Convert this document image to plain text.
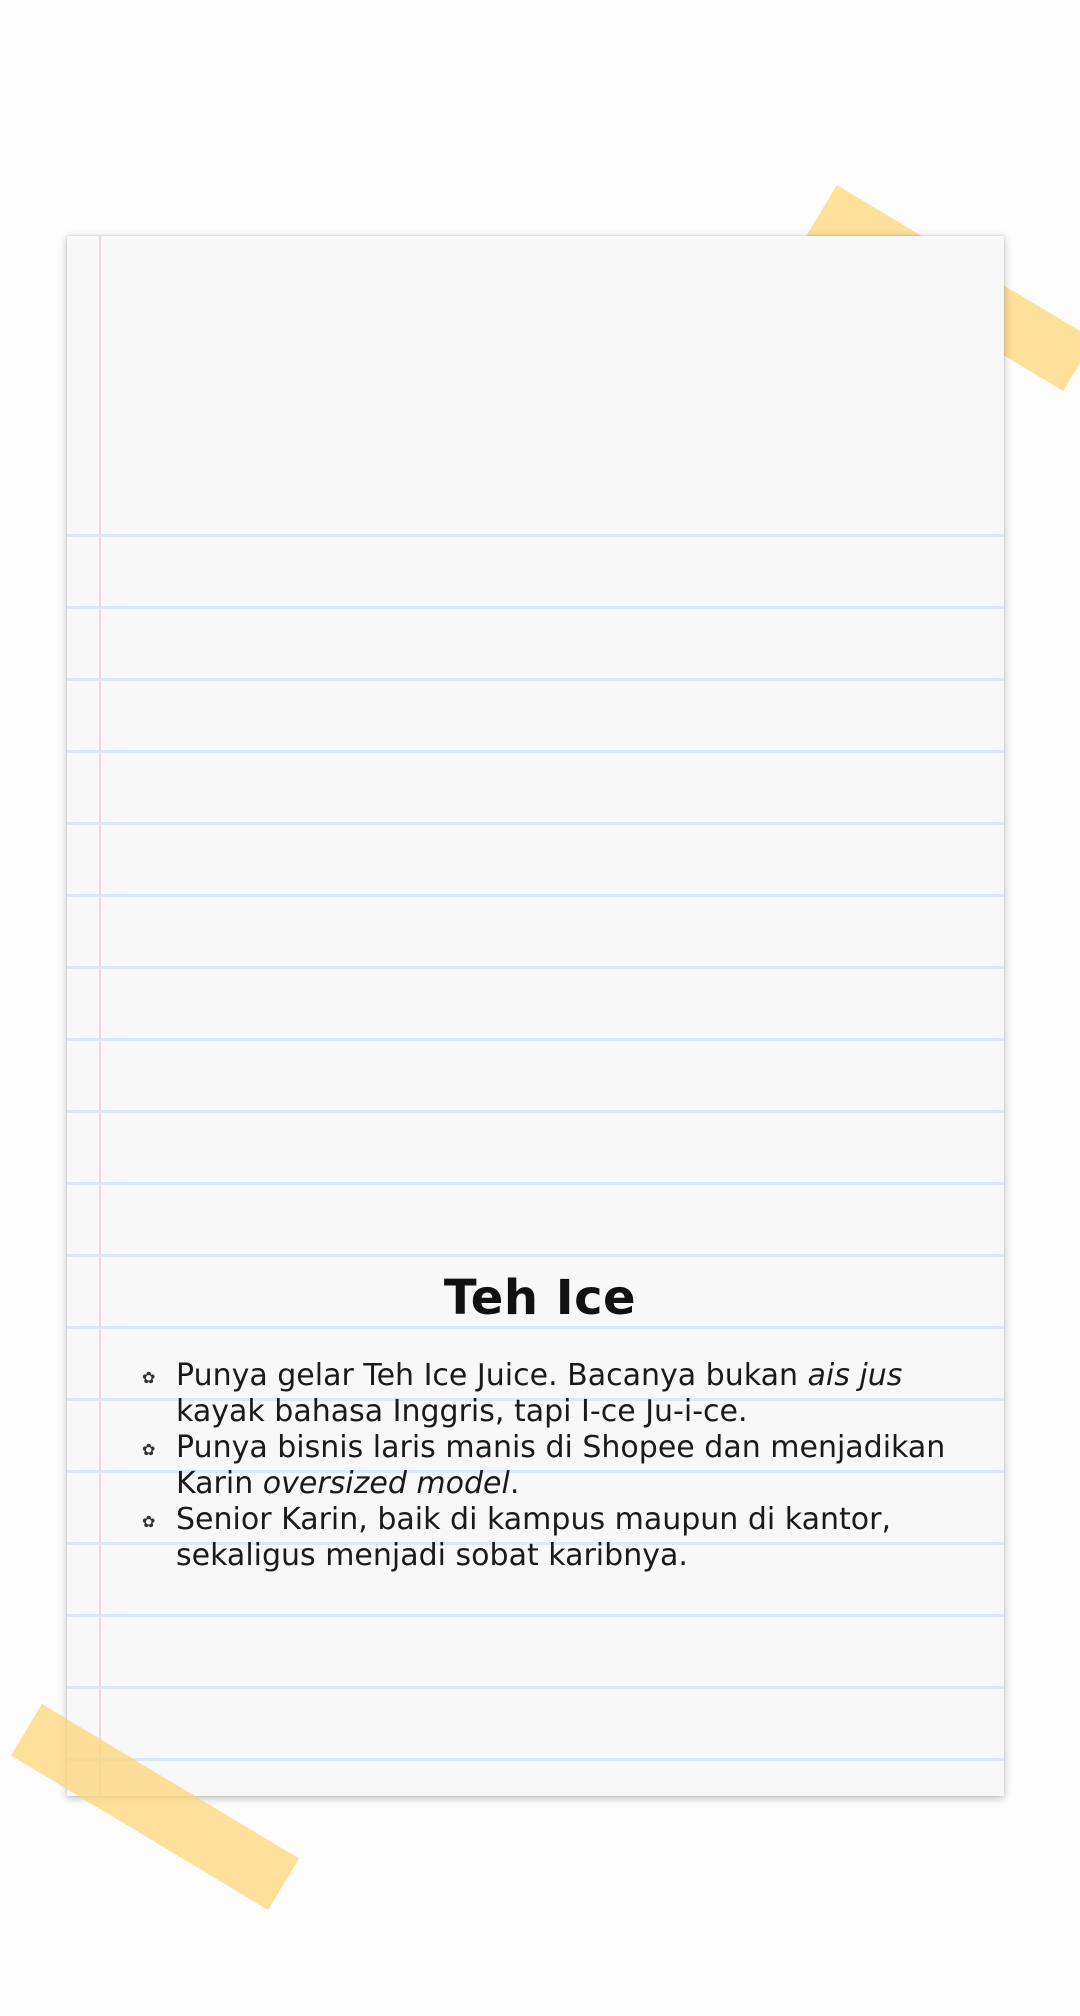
Teh Ice
✿ Punya gelar Teh Ice Juice. Bacanya bukan ais jus kayak bahasa Inggris, tapi I-ce Ju-i-ce.
✿ Punya bisnis laris manis di Shopee dan menjadikan Karin oversized model.
✿ Senior Karin, baik di kampus maupun di kantor, sekaligus menjadi sobat karibnya.
